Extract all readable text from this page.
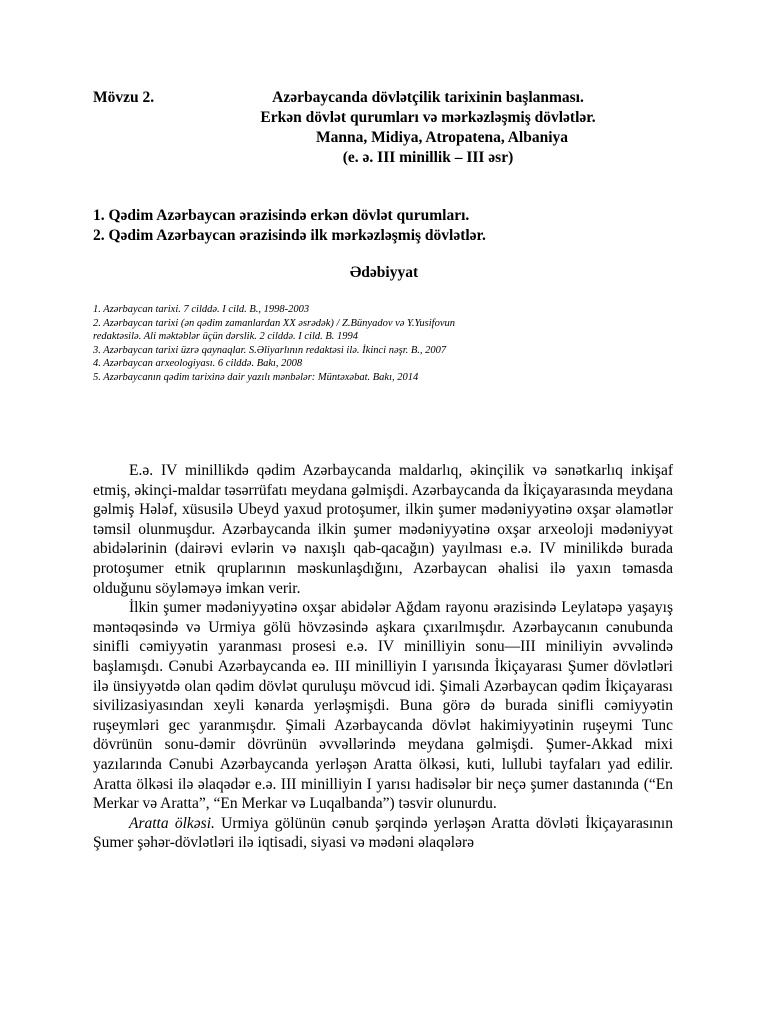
Mövzu 2.	Azərbaycanda dövlətçilik tarixinin başlanması.
Erkən dövlət qurumları və mərkəzləşmiş dövlətlər.
Manna, Midiya, Atropatena, Albaniya
(e. ə. III minillik – III əsr)
1. Qədim Azərbaycan ərazisində erkən dövlət qurumları.
2. Qədim Azərbaycan ərazisində ilk mərkəzləşmiş dövlətlər.
Ədəbiyyat
1. Azərbaycan tarixi. 7 cilddə. I cild. B., 1998-2003
2. Azərbaycan tarixi (ən qədim zamanlardan XX əsrədək) / Z.Bünyadov və Y.Yusifovun
redaktəsilə. Ali məktəblər üçün dərslik. 2 cilddə. I cild. B. 1994
3. Azərbaycan tarixi üzrə qaynaqlar. S.Əliyarlının redaktəsi ilə. İkinci nəşr. B., 2007
4. Azərbaycan arxeologiyası. 6 cilddə. Bakı, 2008
5. Azərbaycanın qədim tarixinə dair yazılı mənbələr: Müntəxəbat. Bakı, 2014

E.ə. IV minillikdə qədim Azərbaycanda maldarlıq, əkinçilik və sənətkarlıq inkişaf etmiş, əkinçi-maldar təsərrüfatı meydana gəlmişdi. Azərbaycanda da İkiçayarasında meydana gəlmiş Hələf, xüsusilə Ubeyd yaxud protoşumer, ilkin şumer mədəniyyətinə oxşar əlamətlər təmsil olunmuşdur. Azərbaycanda ilkin şumer mədəniyyətinə oxşar arxeoloji mədəniyyət abidələrinin (dairəvi evlərin və naxışlı qab-qacağın) yayılması e.ə. IV minilikdə burada protoşumer etnik qruplarının məskunlaşdığını, Azərbaycan əhalisi ilə yaxın təmasda olduğunu söyləməyə imkan verir.

İlkin şumer mədəniyyətinə oxşar abidələr Ağdam rayonu ərazisində Leylatəpə yaşayış məntəqəsində və Urmiya gölü hövzəsində aşkara çıxarılmışdır. Azərbaycanın cənubunda sinifli cəmiyyətin yaranması prosesi e.ə. IV minilliyin sonu—III miniliyin əvvəlində başlamışdı. Cənubi Azərbaycanda eə. III minilliyin I yarısında İkiçayarası Şumer dövlətləri ilə ünsiyyətdə olan qədim dövlət quruluşu mövcud idi. Şimali Azərbaycan qədim İkiçayarası sivilizasiyasından xeyli kənarda yerləşmişdi. Buna görə də burada sinifli cəmiyyətin ruşeymləri gec yaranmışdır. Şimali Azərbaycanda dövlət hakimiyyətinin ruşeymi Tunc dövrünün sonu-dəmir dövrünün əvvəllərində meydana gəlmişdi. Şumer-Akkad mixi yazılarında Cənubi Azərbaycanda yerləşən Aratta ölkəsi, kuti, lullubi tayfaları yad edilir. Aratta ölkəsi ilə əlaqədər e.ə. III minilliyin I yarısı hadisələr bir neçə şumer dastanında (“En Merkar və Aratta”, “En Merkar və Luqalbanda”) təsvir olunurdu.

Aratta ölkəsi. Urmiya gölünün cənub şərqində yerləşən Aratta dövləti İkiçayarasının Şumer şəhər-dövlətləri ilə iqtisadi, siyasi və mədəni əlaqələrə
